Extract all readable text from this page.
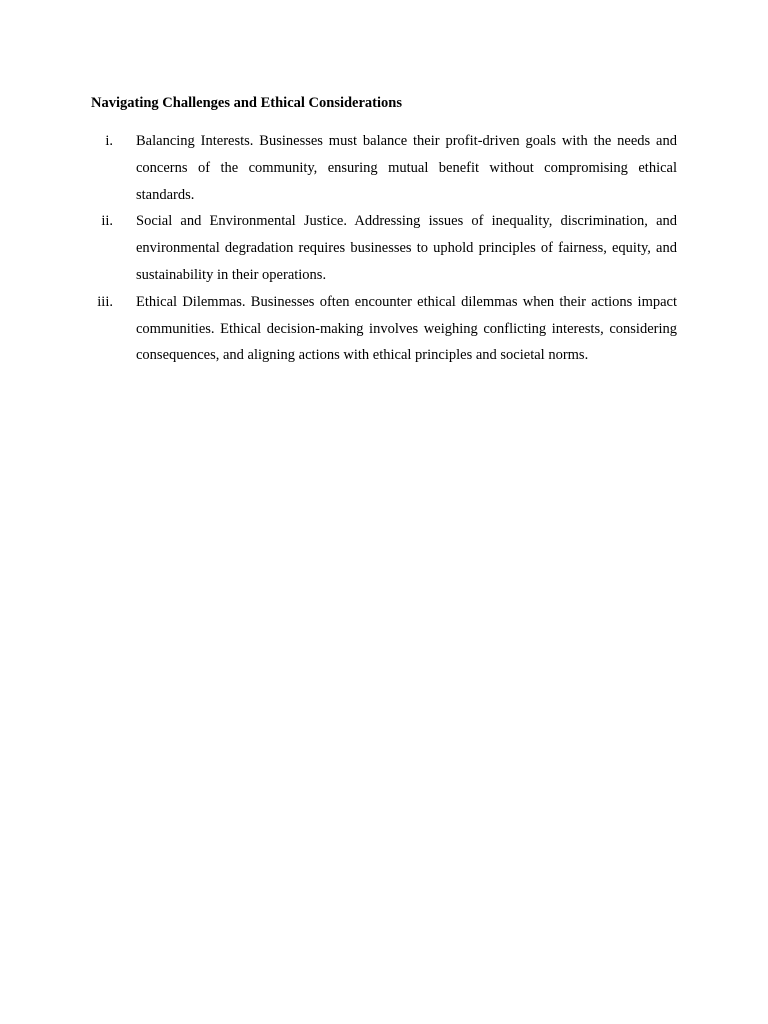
Navigating Challenges and Ethical Considerations
i. Balancing Interests. Businesses must balance their profit-driven goals with the needs and concerns of the community, ensuring mutual benefit without compromising ethical standards.
ii. Social and Environmental Justice. Addressing issues of inequality, discrimination, and environmental degradation requires businesses to uphold principles of fairness, equity, and sustainability in their operations.
iii. Ethical Dilemmas. Businesses often encounter ethical dilemmas when their actions impact communities. Ethical decision-making involves weighing conflicting interests, considering consequences, and aligning actions with ethical principles and societal norms.
